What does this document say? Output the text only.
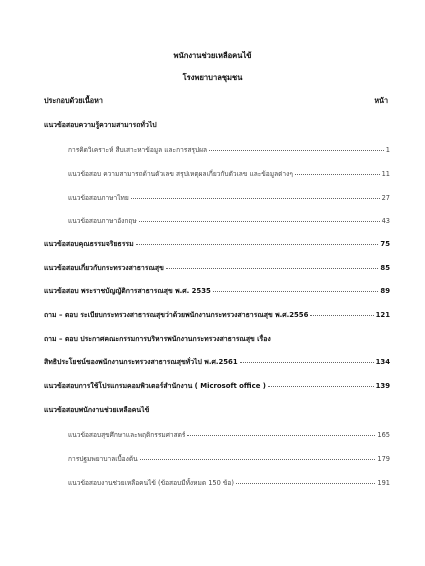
พนักงานช่วยเหลือคนไข้
โรงพยาบาลชุมชน
ประกอบด้วยเนื้อหา	หน้า
แนวข้อสอบความรู้ความสามารถทั่วไป
การคิดวิเคราะห์ สืบเสาะหาข้อมูล และการสรุปผล	1
แนวข้อสอบ ความสามารถด้านตัวเลข สรุปเหตุผลเกี่ยวกับตัวเลข และข้อมูลต่างๆ	11
แนวข้อสอบภาษาไทย	27
แนวข้อสอบภาษาอังกฤษ	43
แนวข้อสอบคุณธรรมจริยธรรม	75
แนวข้อสอบเกี่ยวกับกระทรวงสาธารณสุข	85
แนวข้อสอบ พระราชบัญญัติการสาธารณสุข พ.ศ. 2535	89
ถาม – ตอบ ระเบียบกระทรวงสาธารณสุขว่าด้วยพนักงานกระทรวงสาธารณสุข พ.ศ.2556	121
ถาม – ตอบ ประกาศคณะกรรมการบริหารพนักงานกระทรวงสาธารณสุข เรื่อง
สิทธิประโยชน์ของพนักงานกระทรวงสาธารณสุขทั่วไป พ.ศ.2561	134
แนวข้อสอบการใช้โปรแกรมคอมพิวเตอร์สำนักงาน ( Microsoft office )	139
แนวข้อสอบพนักงานช่วยเหลือคนไข้
แนวข้อสอบสุขศึกษาและพฤติกรรมศาสตร์	165
การปฐมพยาบาลเบื้องต้น	179
แนวข้อสอบงานช่วยเหลือคนไข้ (ข้อสอบมีทั้งหมด 150 ข้อ)	191
